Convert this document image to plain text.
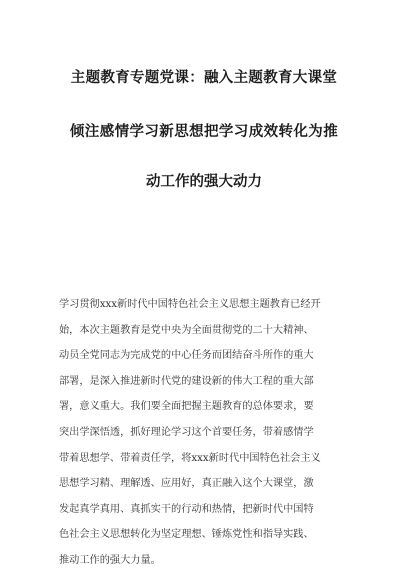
主题教育专题党课：融入主题教育大课堂
倾注感情学习新思想把学习成效转化为推
动工作的强大动力
学习贯彻xxx新时代中国特色社会主义思想主题教育已经开
始，本次主题教育是党中央为全面贯彻党的二十大精神、
动员全党同志为完成党的中心任务而团结奋斗所作的重大
部署，是深入推进新时代党的建设新的伟大工程的重大部
署，意义重大。我们要全面把握主题教育的总体要求，要
突出学深悟透，抓好理论学习这个首要任务，带着感情学
带着思想学、带着责任学，将xxx新时代中国特色社会主义
思想学习精、理解透、应用好，真正融入这个大课堂，激
发起真学真用、真抓实干的行动和热情，把新时代中国特
色社会主义思想转化为坚定理想、锤炼党性和指导实践、
推动工作的强大力量。
